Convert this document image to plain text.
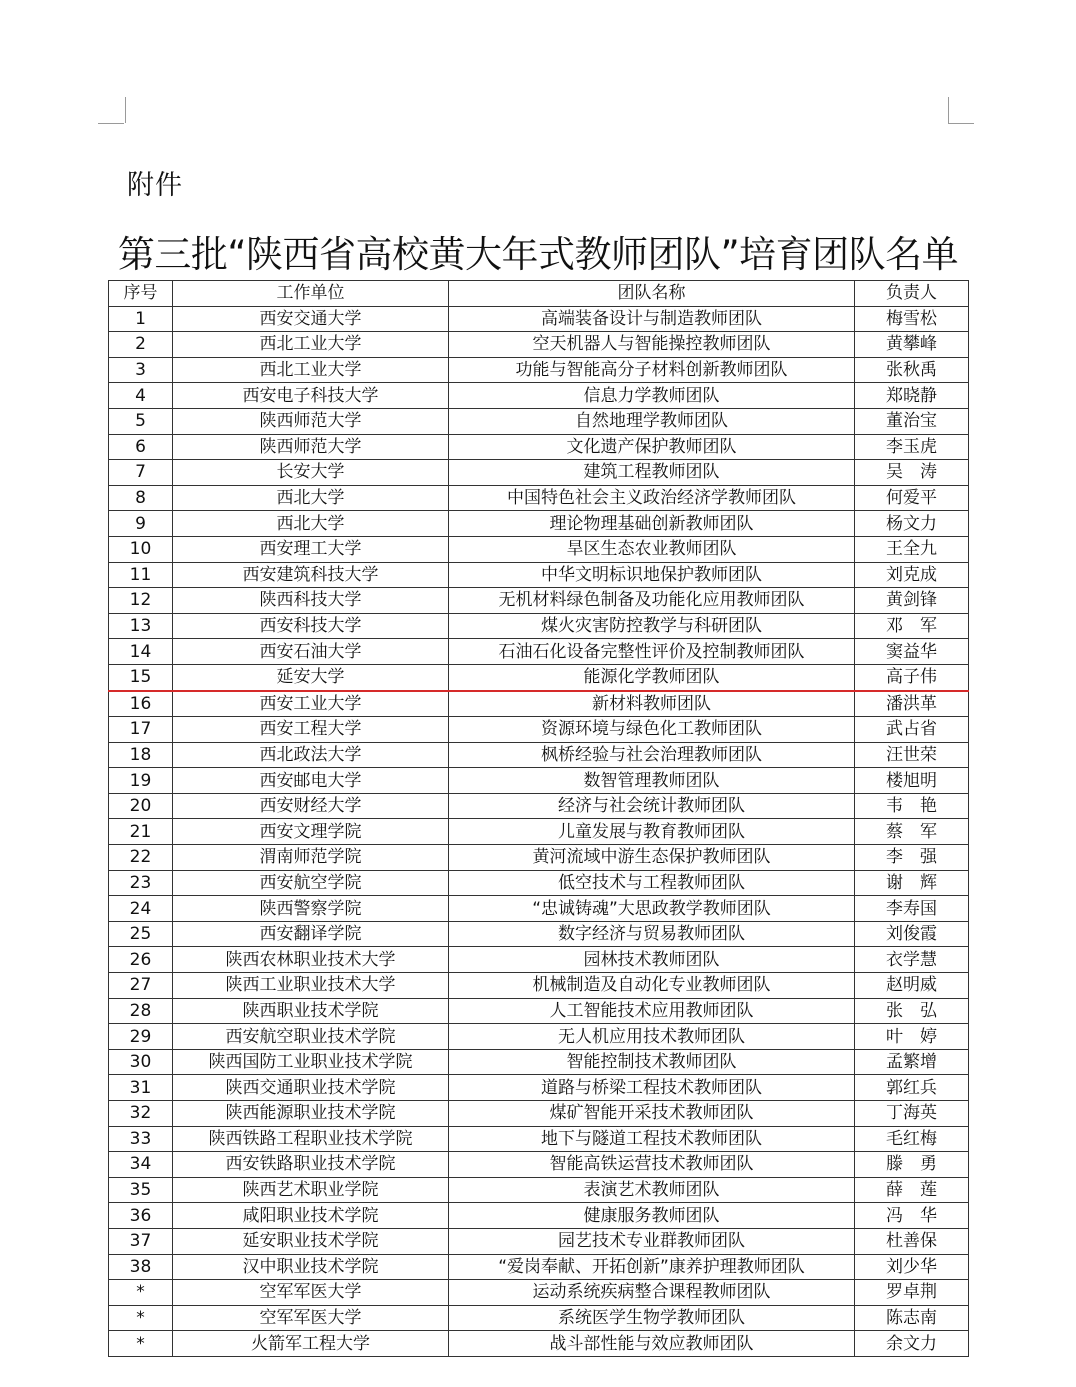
附件
第三批“陕西省高校黄大年式教师团队”培育团队名单
序号	工作单位	团队名称	负责人
1	西安交通大学	高端装备设计与制造教师团队	梅雪松
2	西北工业大学	空天机器人与智能操控教师团队	黄攀峰
3	西北工业大学	功能与智能高分子材料创新教师团队	张秋禹
4	西安电子科技大学	信息力学教师团队	郑晓静
5	陕西师范大学	自然地理学教师团队	董治宝
6	陕西师范大学	文化遗产保护教师团队	李玉虎
7	长安大学	建筑工程教师团队	吴　涛
8	西北大学	中国特色社会主义政治经济学教师团队	何爱平
9	西北大学	理论物理基础创新教师团队	杨文力
10	西安理工大学	旱区生态农业教师团队	王全九
11	西安建筑科技大学	中华文明标识地保护教师团队	刘克成
12	陕西科技大学	无机材料绿色制备及功能化应用教师团队	黄剑锋
13	西安科技大学	煤火灾害防控教学与科研团队	邓　军
14	西安石油大学	石油石化设备完整性评价及控制教师团队	窦益华
15	延安大学	能源化学教师团队	高子伟
16	西安工业大学	新材料教师团队	潘洪革
17	西安工程大学	资源环境与绿色化工教师团队	武占省
18	西北政法大学	枫桥经验与社会治理教师团队	汪世荣
19	西安邮电大学	数智管理教师团队	楼旭明
20	西安财经大学	经济与社会统计教师团队	韦　艳
21	西安文理学院	儿童发展与教育教师团队	蔡　军
22	渭南师范学院	黄河流域中游生态保护教师团队	李　强
23	西安航空学院	低空技术与工程教师团队	谢　辉
24	陕西警察学院	“忠诚铸魂”大思政教学教师团队	李寿国
25	西安翻译学院	数字经济与贸易教师团队	刘俊霞
26	陕西农林职业技术大学	园林技术教师团队	衣学慧
27	陕西工业职业技术大学	机械制造及自动化专业教师团队	赵明威
28	陕西职业技术学院	人工智能技术应用教师团队	张　弘
29	西安航空职业技术学院	无人机应用技术教师团队	叶　婷
30	陕西国防工业职业技术学院	智能控制技术教师团队	孟繁增
31	陕西交通职业技术学院	道路与桥梁工程技术教师团队	郭红兵
32	陕西能源职业技术学院	煤矿智能开采技术教师团队	丁海英
33	陕西铁路工程职业技术学院	地下与隧道工程技术教师团队	毛红梅
34	西安铁路职业技术学院	智能高铁运营技术教师团队	滕　勇
35	陕西艺术职业学院	表演艺术教师团队	薛　莲
36	咸阳职业技术学院	健康服务教师团队	冯　华
37	延安职业技术学院	园艺技术专业群教师团队	杜善保
38	汉中职业技术学院	“爱岗奉献、开拓创新”康养护理教师团队	刘少华
*	空军军医大学	运动系统疾病整合课程教师团队	罗卓荆
*	空军军医大学	系统医学生物学教师团队	陈志南
*	火箭军工程大学	战斗部性能与效应教师团队	余文力
